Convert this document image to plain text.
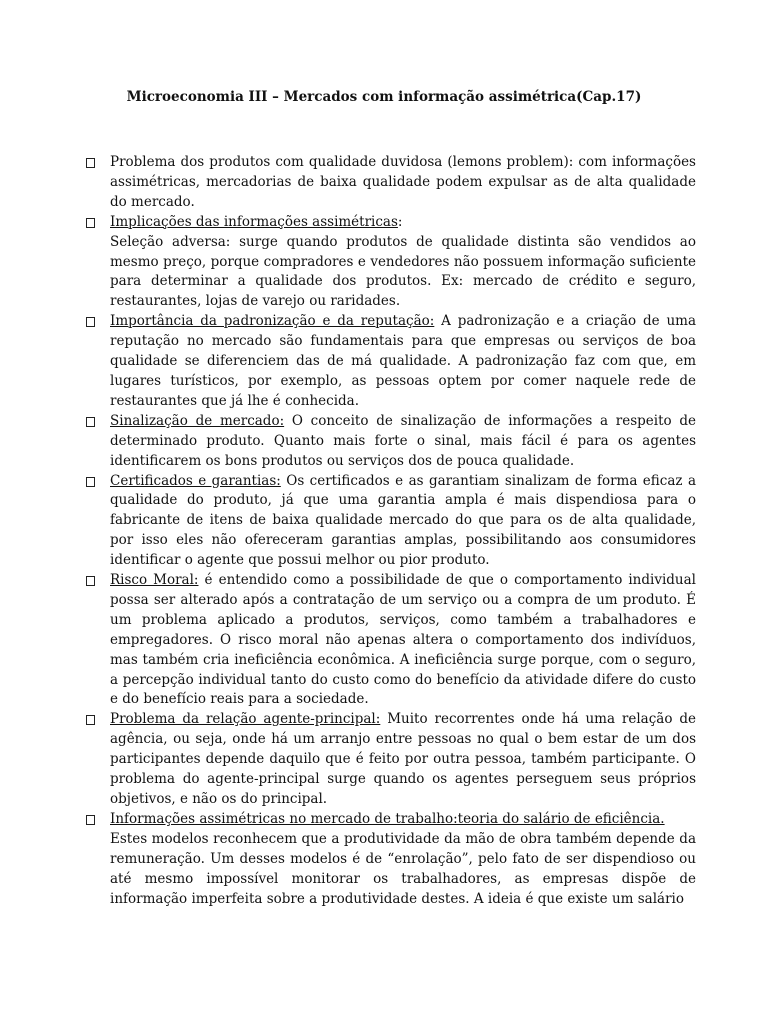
Microeconomia III – Mercados com informação assimétrica(Cap.17)
Problema dos produtos com qualidade duvidosa (lemons problem): com informações assimétricas, mercadorias de baixa qualidade podem expulsar as de alta qualidade do mercado.
Implicações das informações assimétricas:
Seleção adversa: surge quando produtos de qualidade distinta são vendidos ao mesmo preço, porque compradores e vendedores não possuem informação suficiente para determinar a qualidade dos produtos. Ex: mercado de crédito e seguro, restaurantes, lojas de varejo ou raridades.
Importância da padronização e da reputação: A padronização e a criação de uma reputação no mercado são fundamentais para que empresas ou serviços de boa qualidade se diferenciem das de má qualidade. A padronização faz com que, em lugares turísticos, por exemplo, as pessoas optem por comer naquele rede de restaurantes que já lhe é conhecida.
Sinalização de mercado: O conceito de sinalização de informações a respeito de determinado produto. Quanto mais forte o sinal, mais fácil é para os agentes identificarem os bons produtos ou serviços dos de pouca qualidade.
Certificados e garantias: Os certificados e as garantiam sinalizam de forma eficaz a qualidade do produto, já que uma garantia ampla é mais dispendiosa para o fabricante de itens de baixa qualidade mercado do que para os de alta qualidade, por isso eles não ofereceram garantias amplas, possibilitando aos consumidores identificar o agente que possui melhor ou pior produto.
Risco Moral: é entendido como a possibilidade de que o comportamento individual possa ser alterado após a contratação de um serviço ou a compra de um produto. É um problema aplicado a produtos, serviços, como também a trabalhadores e empregadores. O risco moral não apenas altera o comportamento dos indivíduos, mas também cria ineficiência econômica. A ineficiência surge porque, com o seguro, a percepção individual tanto do custo como do benefício da atividade difere do custo e do benefício reais para a sociedade.
Problema da relação agente-principal: Muito recorrentes onde há uma relação de agência, ou seja, onde há um arranjo entre pessoas no qual o bem estar de um dos participantes depende daquilo que é feito por outra pessoa, também participante. O problema do agente-principal surge quando os agentes perseguem seus próprios objetivos, e não os do principal.
Informações assimétricas no mercado de trabalho:teoria do salário de eficiência.
Estes modelos reconhecem que a produtividade da mão de obra também depende da remuneração. Um desses modelos é de “enrolação”, pelo fato de ser dispendioso ou até mesmo impossível monitorar os trabalhadores, as empresas dispõe de informação imperfeita sobre a produtividade destes. A ideia é que existe um salário
